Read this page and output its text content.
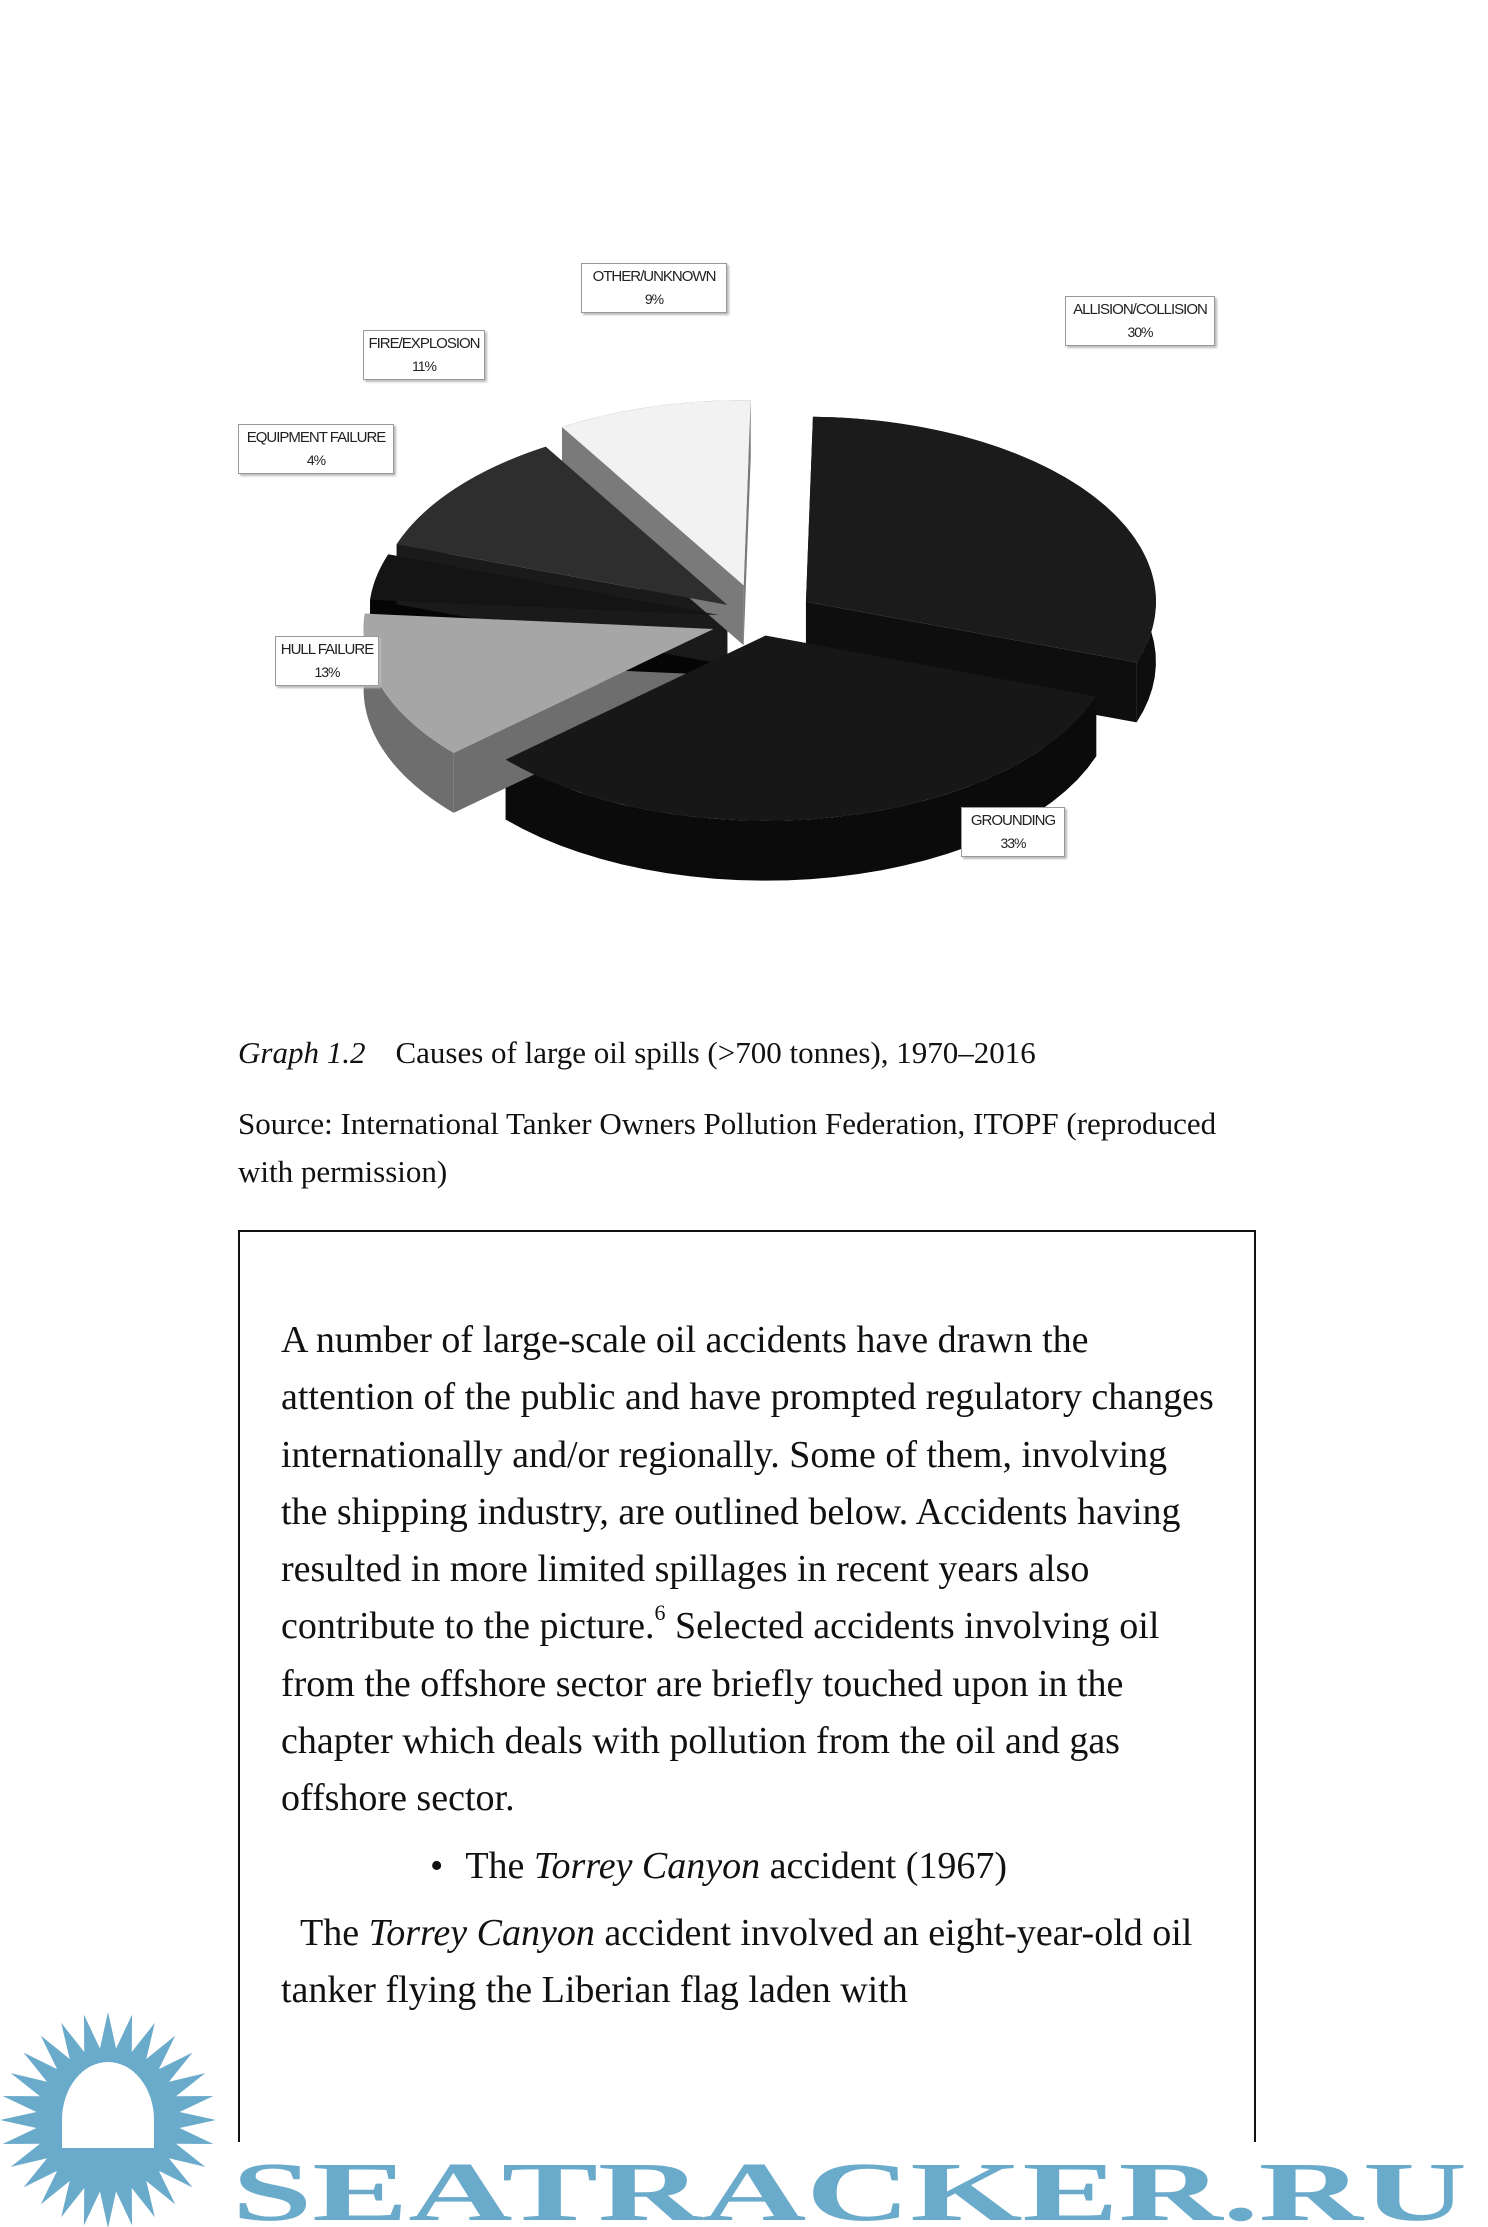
OTHER/UNKNOWN
9%
ALLISION/COLLISION
30%
FIRE/EXPLOSION
11%
EQUIPMENT FAILURE
4%
HULL FAILURE
13%
GROUNDING
33%
Graph 1.2 Causes of large oil spills (>700 tonnes), 1970–2016
Source: International Tanker Owners Pollution Federation, ITOPF (reproduced with permission)

A number of large-scale oil accidents have drawn the attention of the public and have prompted regulatory changes internationally and/or regionally. Some of them, involving the shipping industry, are outlined below. Accidents having resulted in more limited spillages in recent years also contribute to the picture.$^6$ Selected accidents involving oil from the offshore sector are briefly touched upon in the chapter which deals with pollution from the oil and gas offshore sector.

• The Torrey Canyon accident (1967)

The Torrey Canyon accident involved an eight-year-old oil tanker flying the Liberian flag laden with

SEATRACKER.RU
